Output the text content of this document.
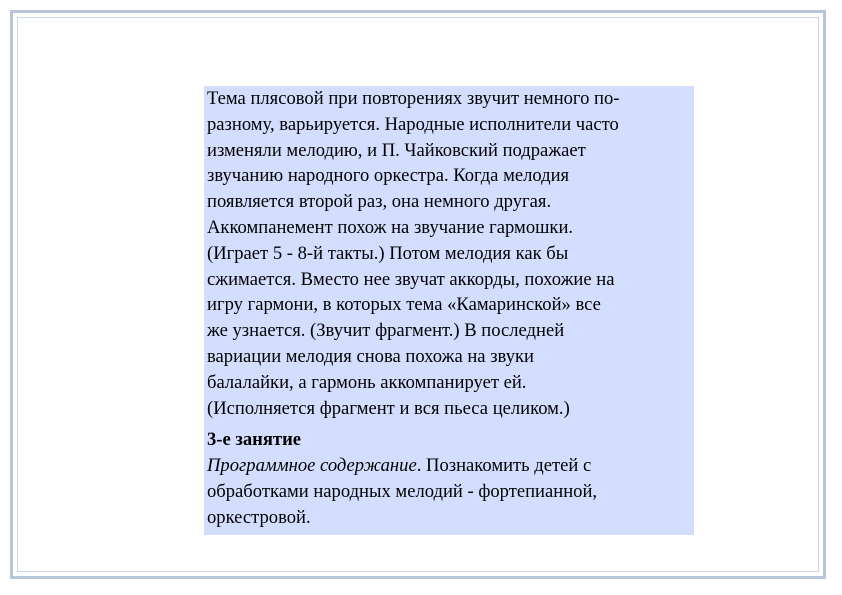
Тема плясовой при повторениях звучит немного по-
разному, варьируется. Народные исполнители часто
изменяли мелодию, и П. Чайковский подражает
звучанию народного оркестра. Когда мелодия
появляется второй раз, она немного другая.
Аккомпанемент похож на звучание гармошки.
(Играет 5 - 8-й такты.) Потом мелодия как бы
сжимается. Вместо нее звучат аккорды, похожие на
игру гармони, в которых тема «Камаринской» все
же узнается. (Звучит фрагмент.) В последней
вариации мелодия снова похожа на звуки
балалайки, а гармонь аккомпанирует ей.
(Исполняется фрагмент и вся пьеса целиком.)
3-е занятие
Программное содержание. Познакомить детей с
обработками народных мелодий - фортепианной,
оркестровой.
